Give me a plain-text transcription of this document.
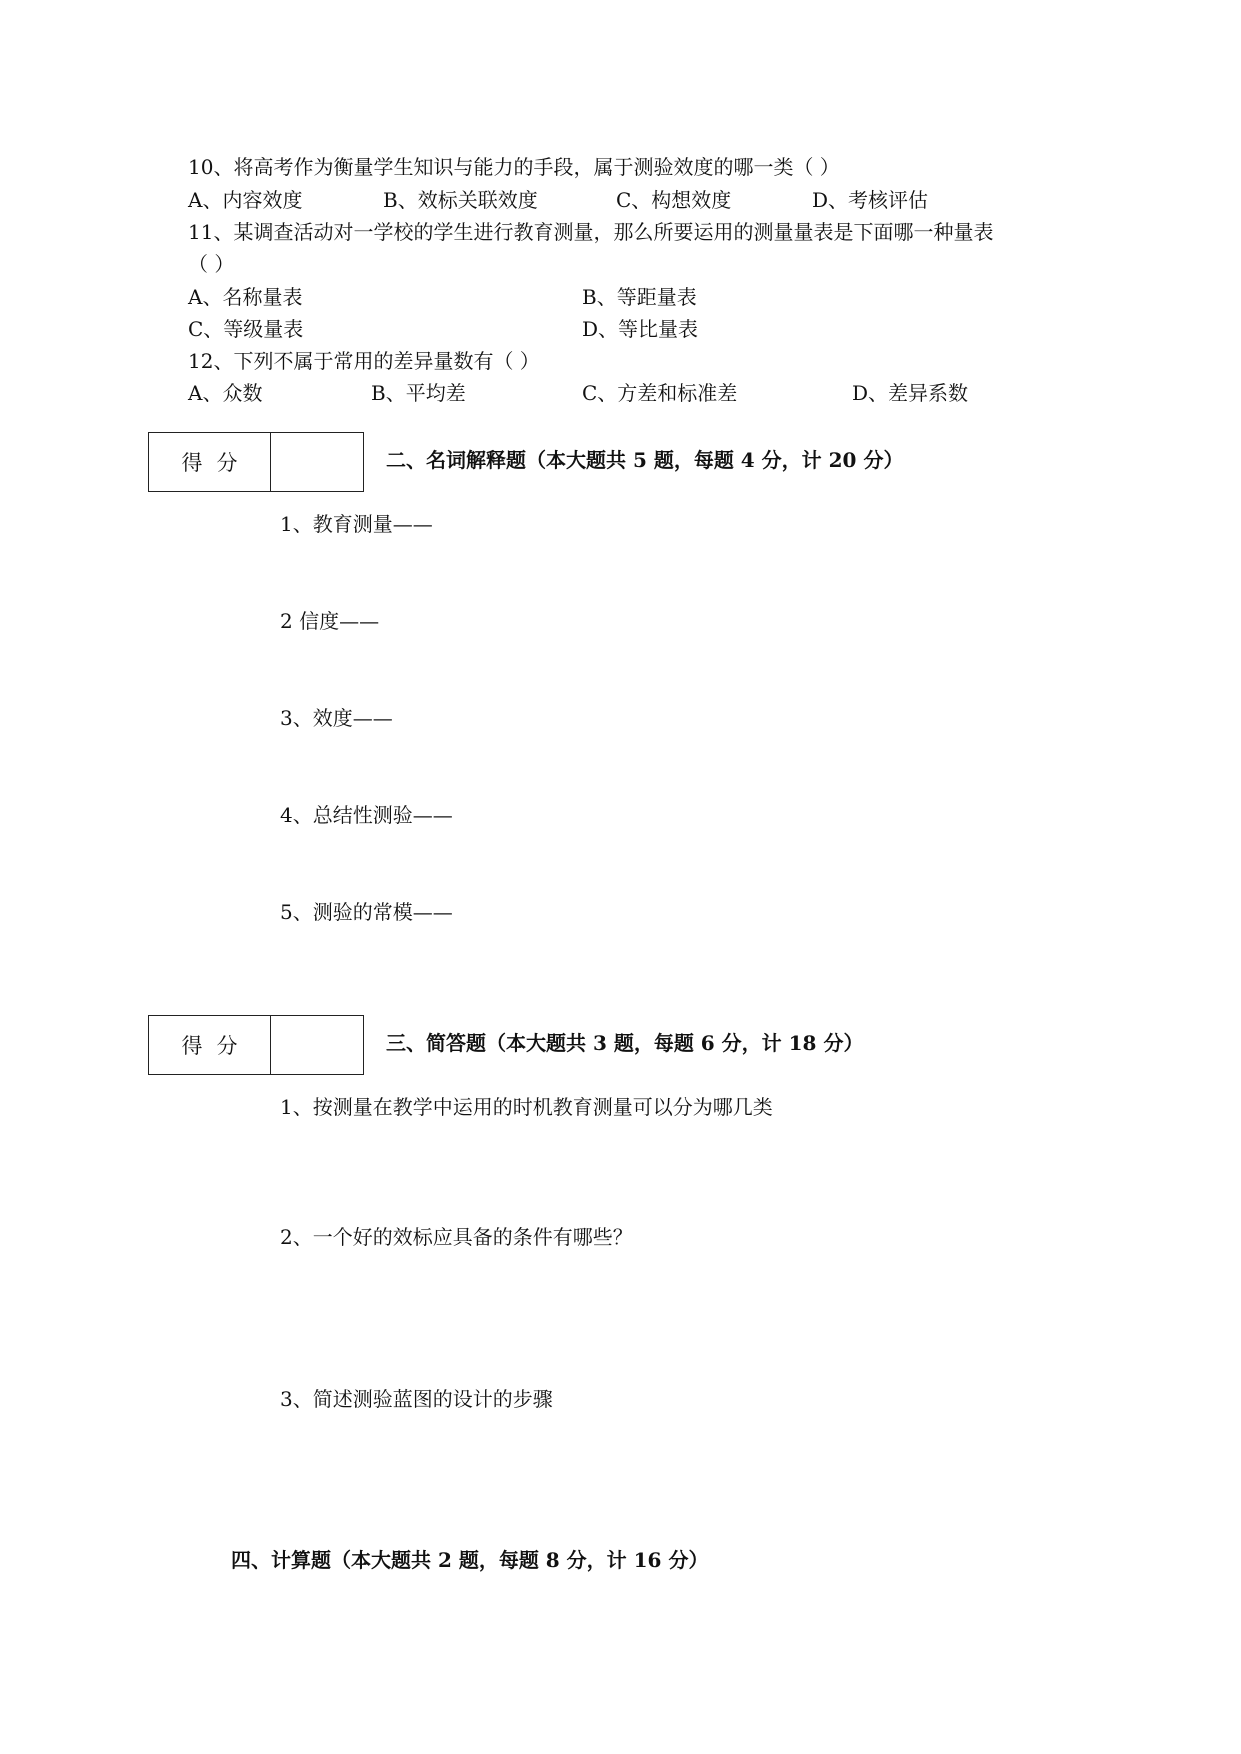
10、将高考作为衡量学生知识与能力的手段，属于测验效度的哪一类（ ）
A、内容效度	B、效标关联效度	C、构想效度	D、考核评估
11、某调查活动对一学校的学生进行教育测量，那么所要运用的测量量表是下面哪一种量表
（ ）
A、名称量表	B、等距量表
C、等级量表	D、等比量表
12、下列不属于常用的差异量数有（ ）
A、众数	B、平均差	C、方差和标准差	D、差异系数
得分	二、名词解释题（本大题共 5 题，每题 4 分，计 20 分）
1、教育测量——
2 信度——
3、效度——
4、总结性测验——
5、测验的常模——
得分	三、简答题（本大题共 3 题，每题 6 分，计 18 分）
1、按测量在教学中运用的时机教育测量可以分为哪几类
2、一个好的效标应具备的条件有哪些？
3、简述测验蓝图的设计的步骤
四、计算题（本大题共 2 题，每题 8 分，计 16 分）
